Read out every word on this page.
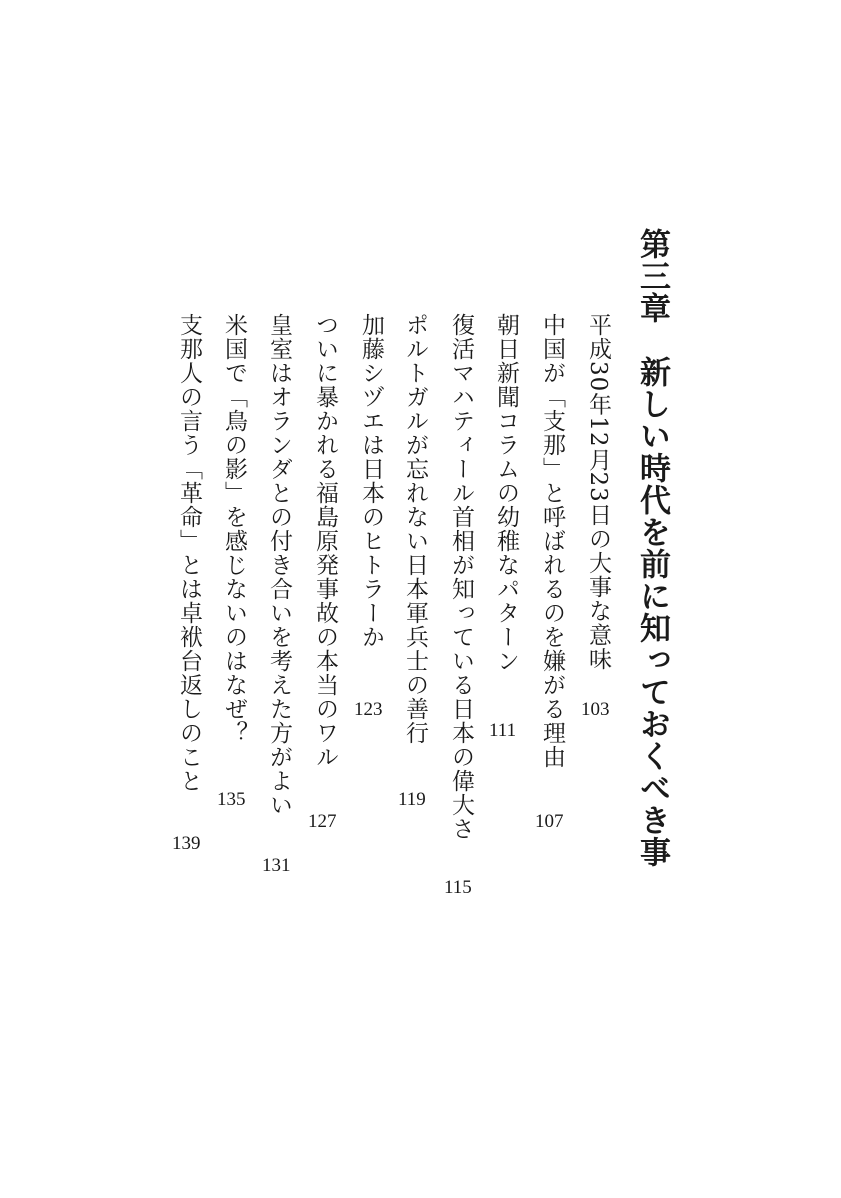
第三章　新しい時代を前に知っておくべき事
平成30年12月23日の大事な意味
103
中国が「支那」と呼ばれるのを嫌がる理由
107
朝日新聞コラムの幼稚なパターン
111
復活マハティール首相が知っている日本の偉大さ
115
ポルトガルが忘れない日本軍兵士の善行
119
加藤シヅエは日本のヒトラーか
123
ついに暴かれる福島原発事故の本当のワル
127
皇室はオランダとの付き合いを考えた方がよい
131
米国で「鳥の影」を感じないのはなぜ？
135
支那人の言う「革命」とは卓袱台返しのこと
139
